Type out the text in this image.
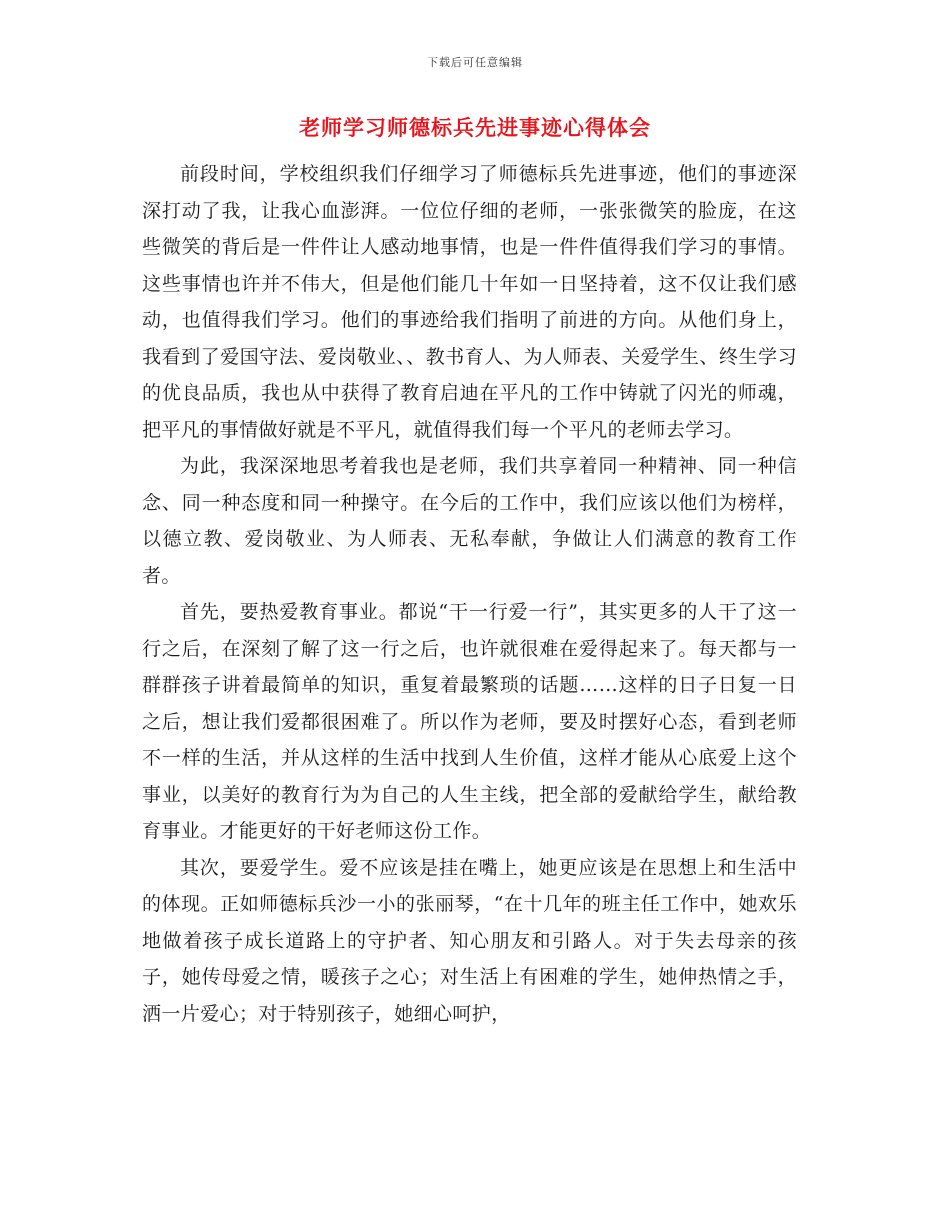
下载后可任意编辑
老师学习师德标兵先进事迹心得体会

前段时间，学校组织我们仔细学习了师德标兵先进事迹，他们的事迹深深打动了我，让我心血澎湃。一位位仔细的老师，一张张微笑的脸庞，在这些微笑的背后是一件件让人感动地事情，也是一件件值得我们学习的事情。这些事情也许并不伟大，但是他们能几十年如一日坚持着，这不仅让我们感动，也值得我们学习。他们的事迹给我们指明了前进的方向。从他们身上，我看到了爱国守法、爱岗敬业、、教书育人、为人师表、关爱学生、终生学习的优良品质，我也从中获得了教育启迪在平凡的工作中铸就了闪光的师魂，把平凡的事情做好就是不平凡，就值得我们每一个平凡的老师去学习。

为此，我深深地思考着我也是老师，我们共享着同一种精神、同一种信念、同一种态度和同一种操守。在今后的工作中，我们应该以他们为榜样，以德立教、爱岗敬业、为人师表、无私奉献，争做让人们满意的教育工作者。

首先，要热爱教育事业。都说“干一行爱一行”，其实更多的人干了这一行之后，在深刻了解了这一行之后，也许就很难在爱得起来了。每天都与一群群孩子讲着最简单的知识，重复着最繁琐的话题……这样的日子日复一日之后，想让我们爱都很困难了。所以作为老师，要及时摆好心态，看到老师不一样的生活，并从这样的生活中找到人生价值，这样才能从心底爱上这个事业，以美好的教育行为为自己的人生主线，把全部的爱献给学生，献给教育事业。才能更好的干好老师这份工作。

其次，要爱学生。爱不应该是挂在嘴上，她更应该是在思想上和生活中的体现。正如师德标兵沙一小的张丽琴，“在十几年的班主任工作中，她欢乐地做着孩子成长道路上的守护者、知心朋友和引路人。对于失去母亲的孩子，她传母爱之情，暖孩子之心；对生活上有困难的学生，她伸热情之手，洒一片爱心；对于特别孩子，她细心呵护，
